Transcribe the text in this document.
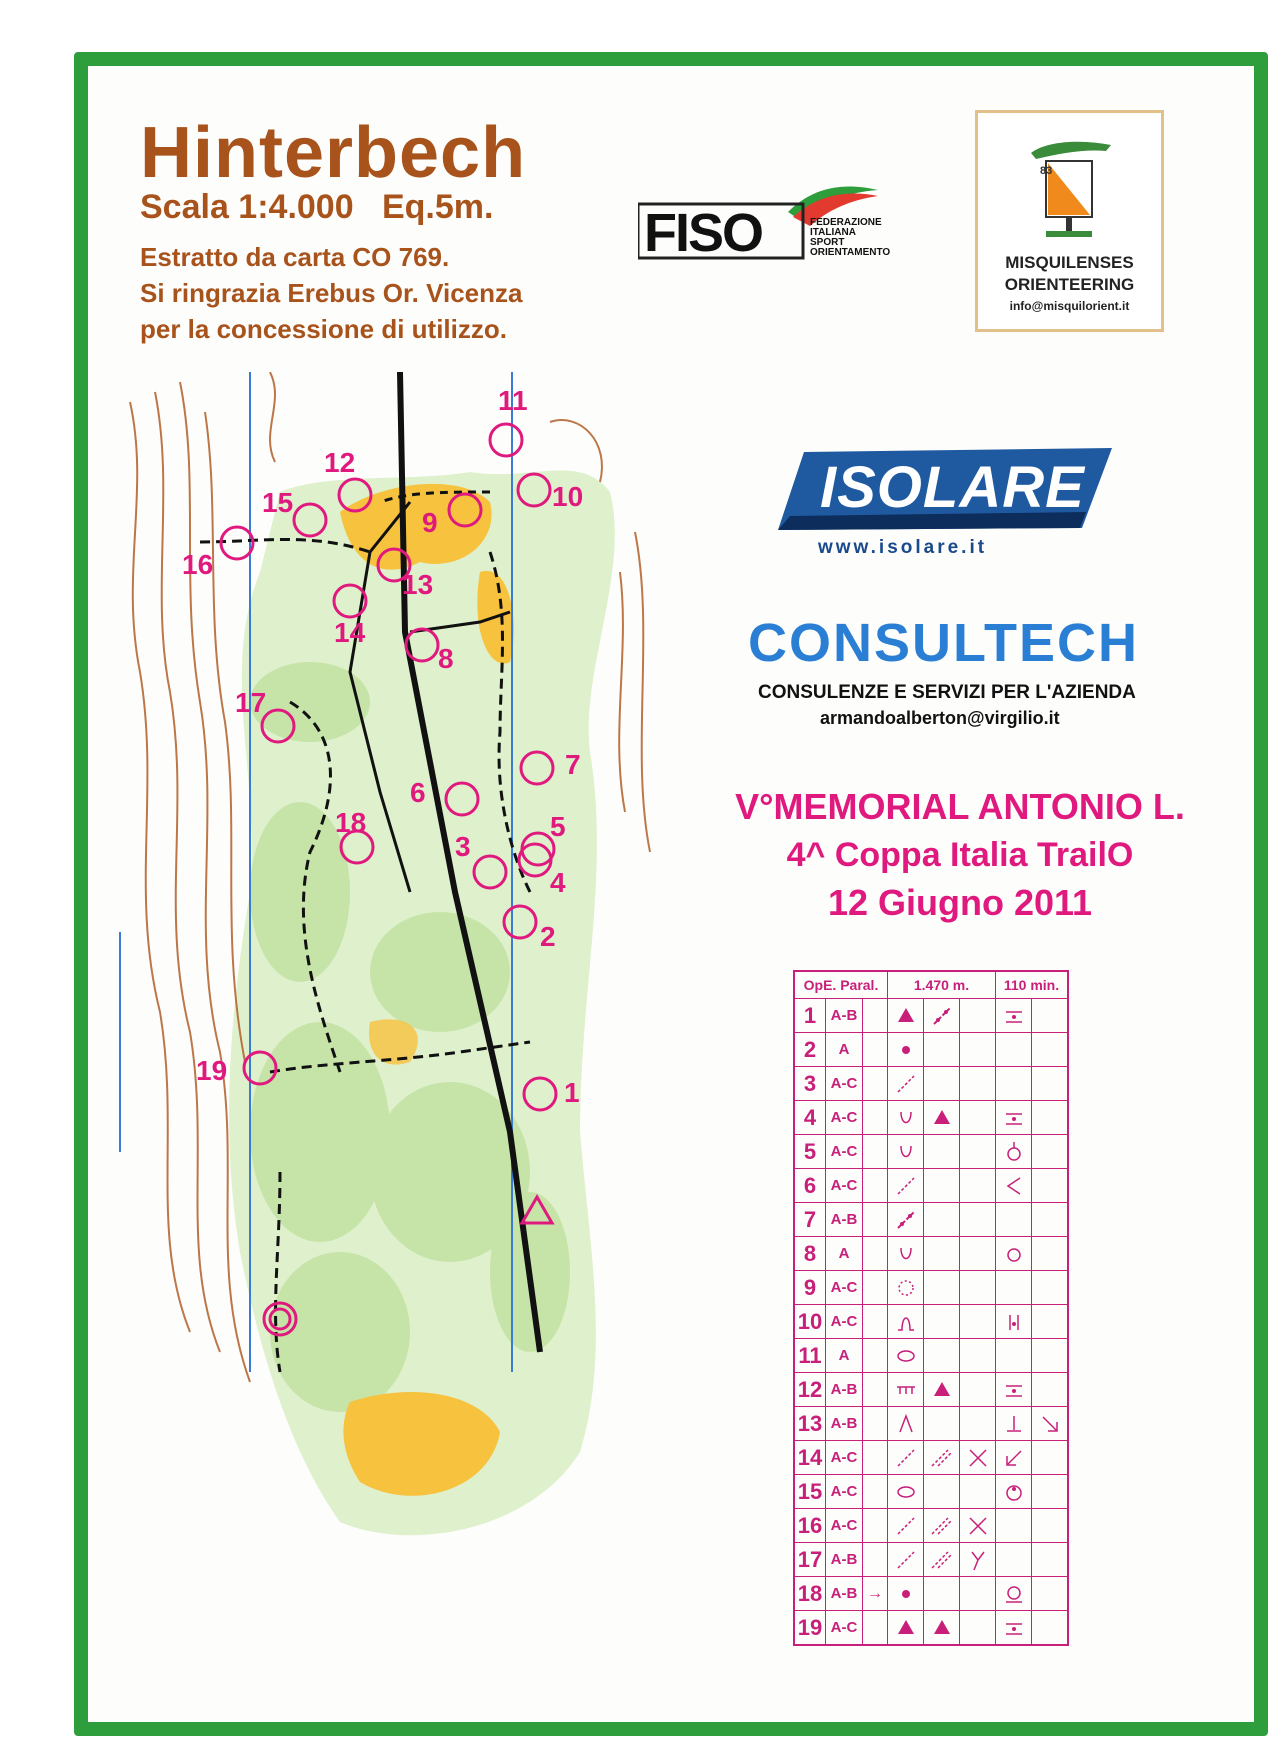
Hinterbech
Scala 1:4.000   Eq.5m.
Estratto da carta CO 769.
Si ringrazia Erebus Or. Vicenza
per la concessione di utilizzo.
FISO	FEDERAZIONE
ITALIANA
SPORT
ORIENTAMENTO
83
MISQUILENSES
ORIENTEERING
info@misquilorient.it
ISOLARE
www.isolare.it
CONSULTECH
CONSULENZE E SERVIZI PER L'AZIENDA
armandoalberton@virgilio.it
V°MEMORIAL ANTONIO L.
4^ Coppa Italia TrailO
12 Giugno 2011
1
2
3
4
5
6
7
8
9
10
11
12
13
14
15
16
17
18
19
OpE. Paral.			1.470 m.			110 min.	
1	A-B		

2	A		

3	A-C		

4	A-C		

5	A-C		

6	A-C		

7	A-B		

8	A		

9	A-C		

10	A-C		

11	A		

12	A-B		

13	A-B		

14	A-C		

15	A-C		

16	A-C		

17	A-B		

18	A-B	→	

19	A-C		
